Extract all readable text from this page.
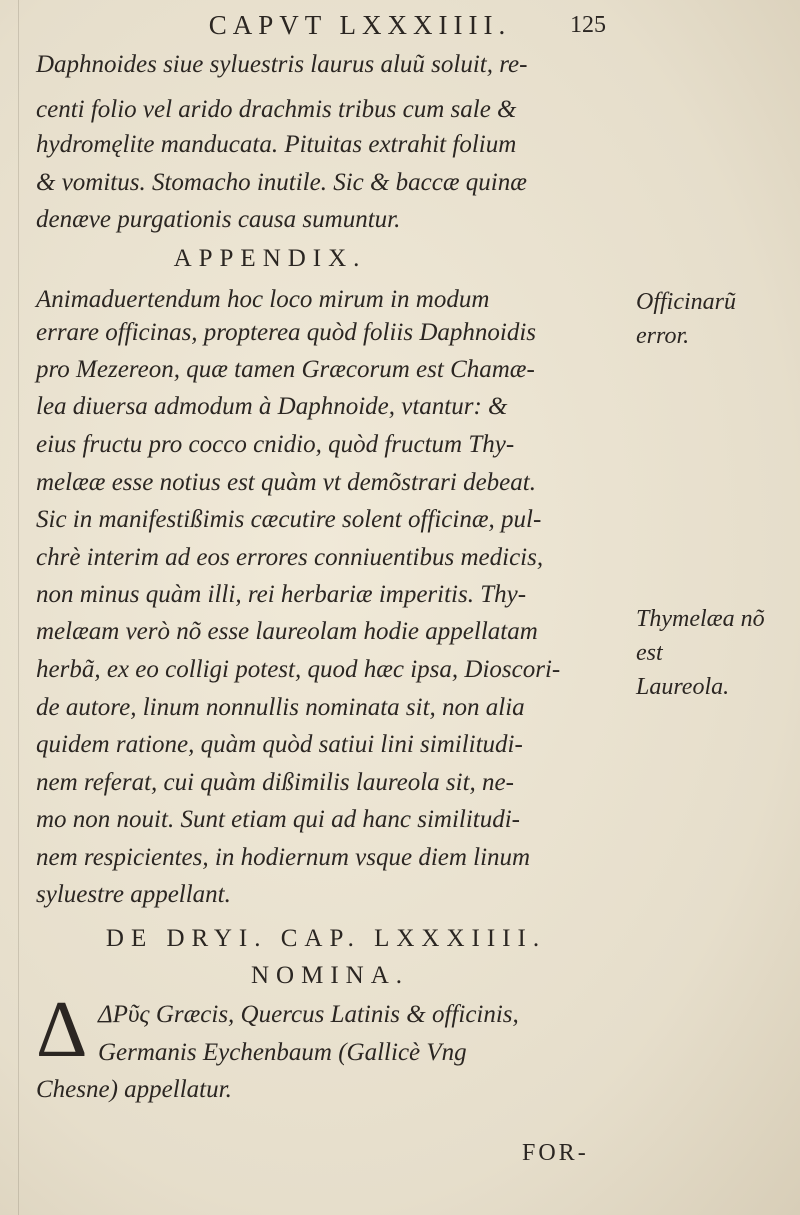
CAPVT LXXXIIII.	125
Daphnoides siue syluestris laurus aluũ soluit, re-
centi folio vel arido drachmis tribus cum sale &
hydromęlite manducata. Pituitas extrahit folium
& vomitus. Stomacho inutile. Sic & baccæ quinæ
denæve purgationis causa sumuntur.
APPENDIX.
Animaduertendum hoc loco mirum in modum
errare officinas, propterea quòd foliis Daphnoidis
pro Mezereon, quæ tamen Græcorum est Chamæ-
lea diuersa admodum à Daphnoide, vtantur: &
eius fructu pro cocco cnidio, quòd fructum Thy-
melææ esse notius est quàm vt demõstrari debeat.
Sic in manifestißimis cæcutire solent officinæ, pul-
chrè interim ad eos errores conniuentibus medicis,
non minus quàm illi, rei herbariæ imperitis. Thy-
melæam verò nõ esse laureolam hodie appellatam
herbã, ex eo colligi potest, quod hæc ipsa, Dioscori-
de autore, linum nonnullis nominata sit, non alia
quidem ratione, quàm quòd satiui lini similitudi-
nem referat, cui quàm dißimilis laureola sit, ne-
mo non nouit. Sunt etiam qui ad hanc similitudi-
nem respicientes, in hodiernum vsque diem linum
syluestre appellant.
Officinarũ error.
Thymelæa nõ est
Laureola.
DE DRYI. CAP. LXXXIIII.
NOMINA.
Δ ΔΡῦς Græcis, Quercus Latinis & officinis,
Germanis Eychenbaum (Gallicè Vng
Chesne) appellatur.
FOR-
